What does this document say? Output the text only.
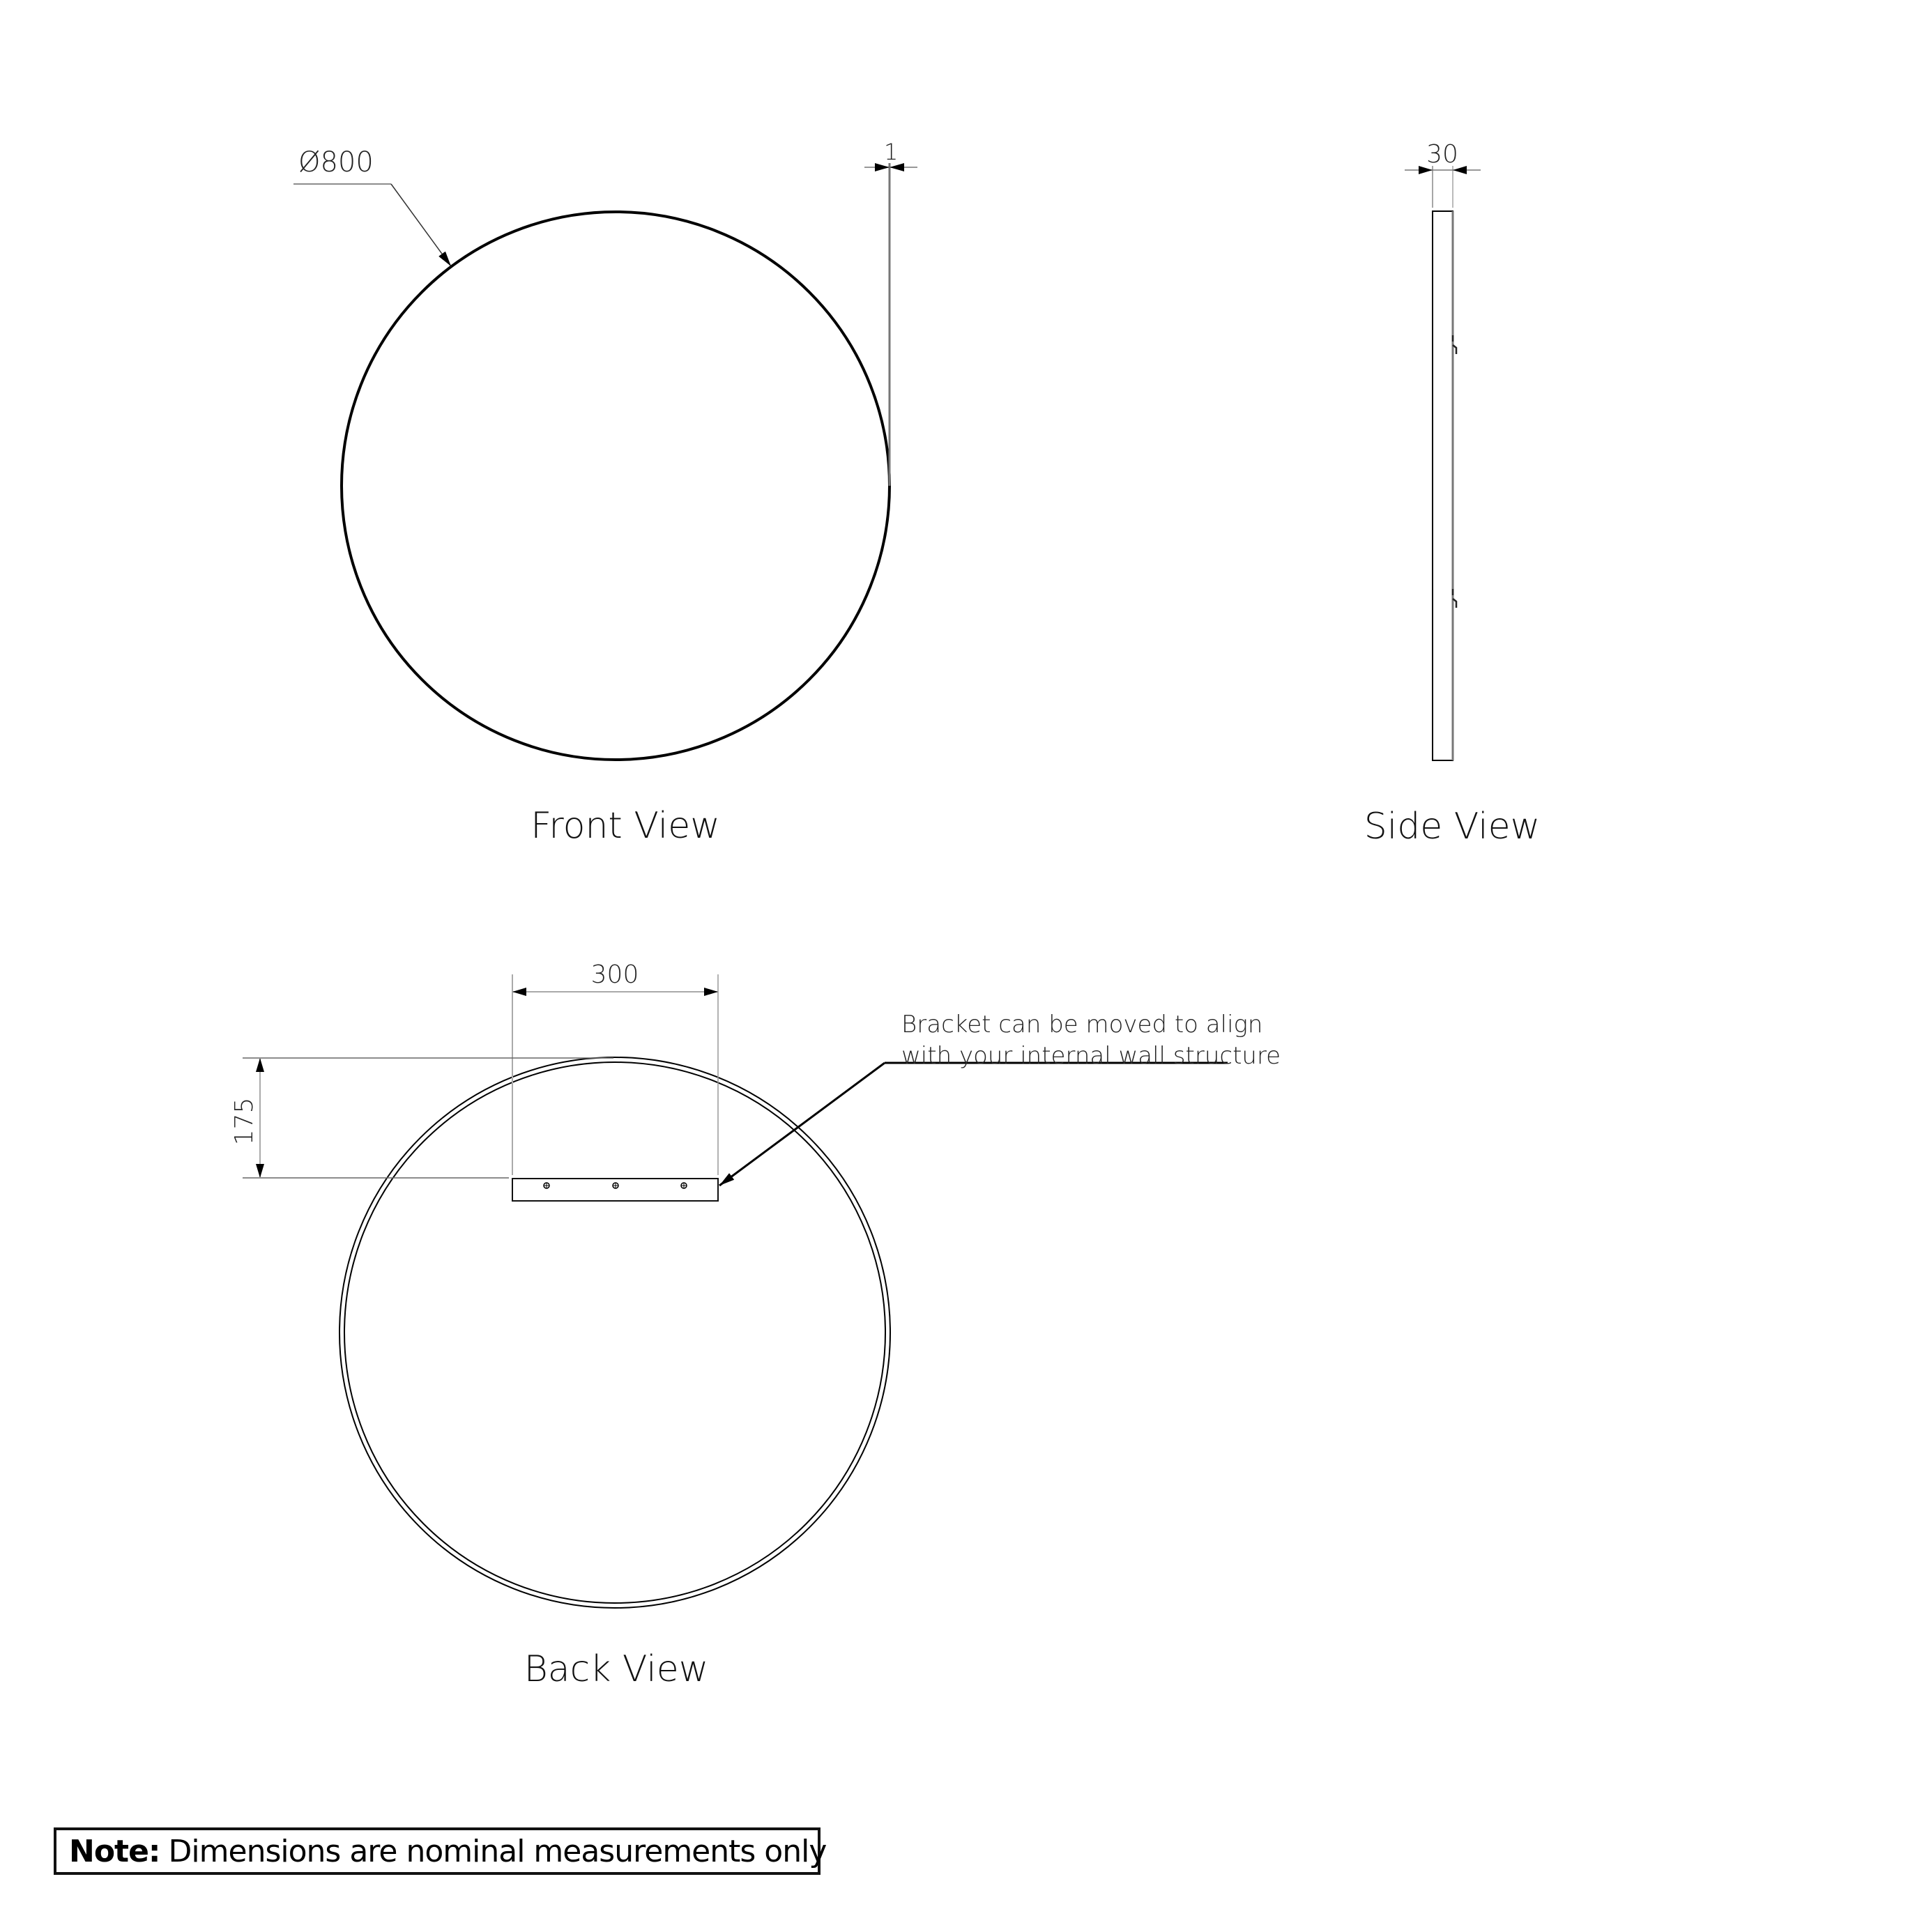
Ø800	1
Front View
30
Side View
300
175
Bracket can be moved to align
with your internal wall structure
Back View
Note: Dimensions are nominal measurements only
